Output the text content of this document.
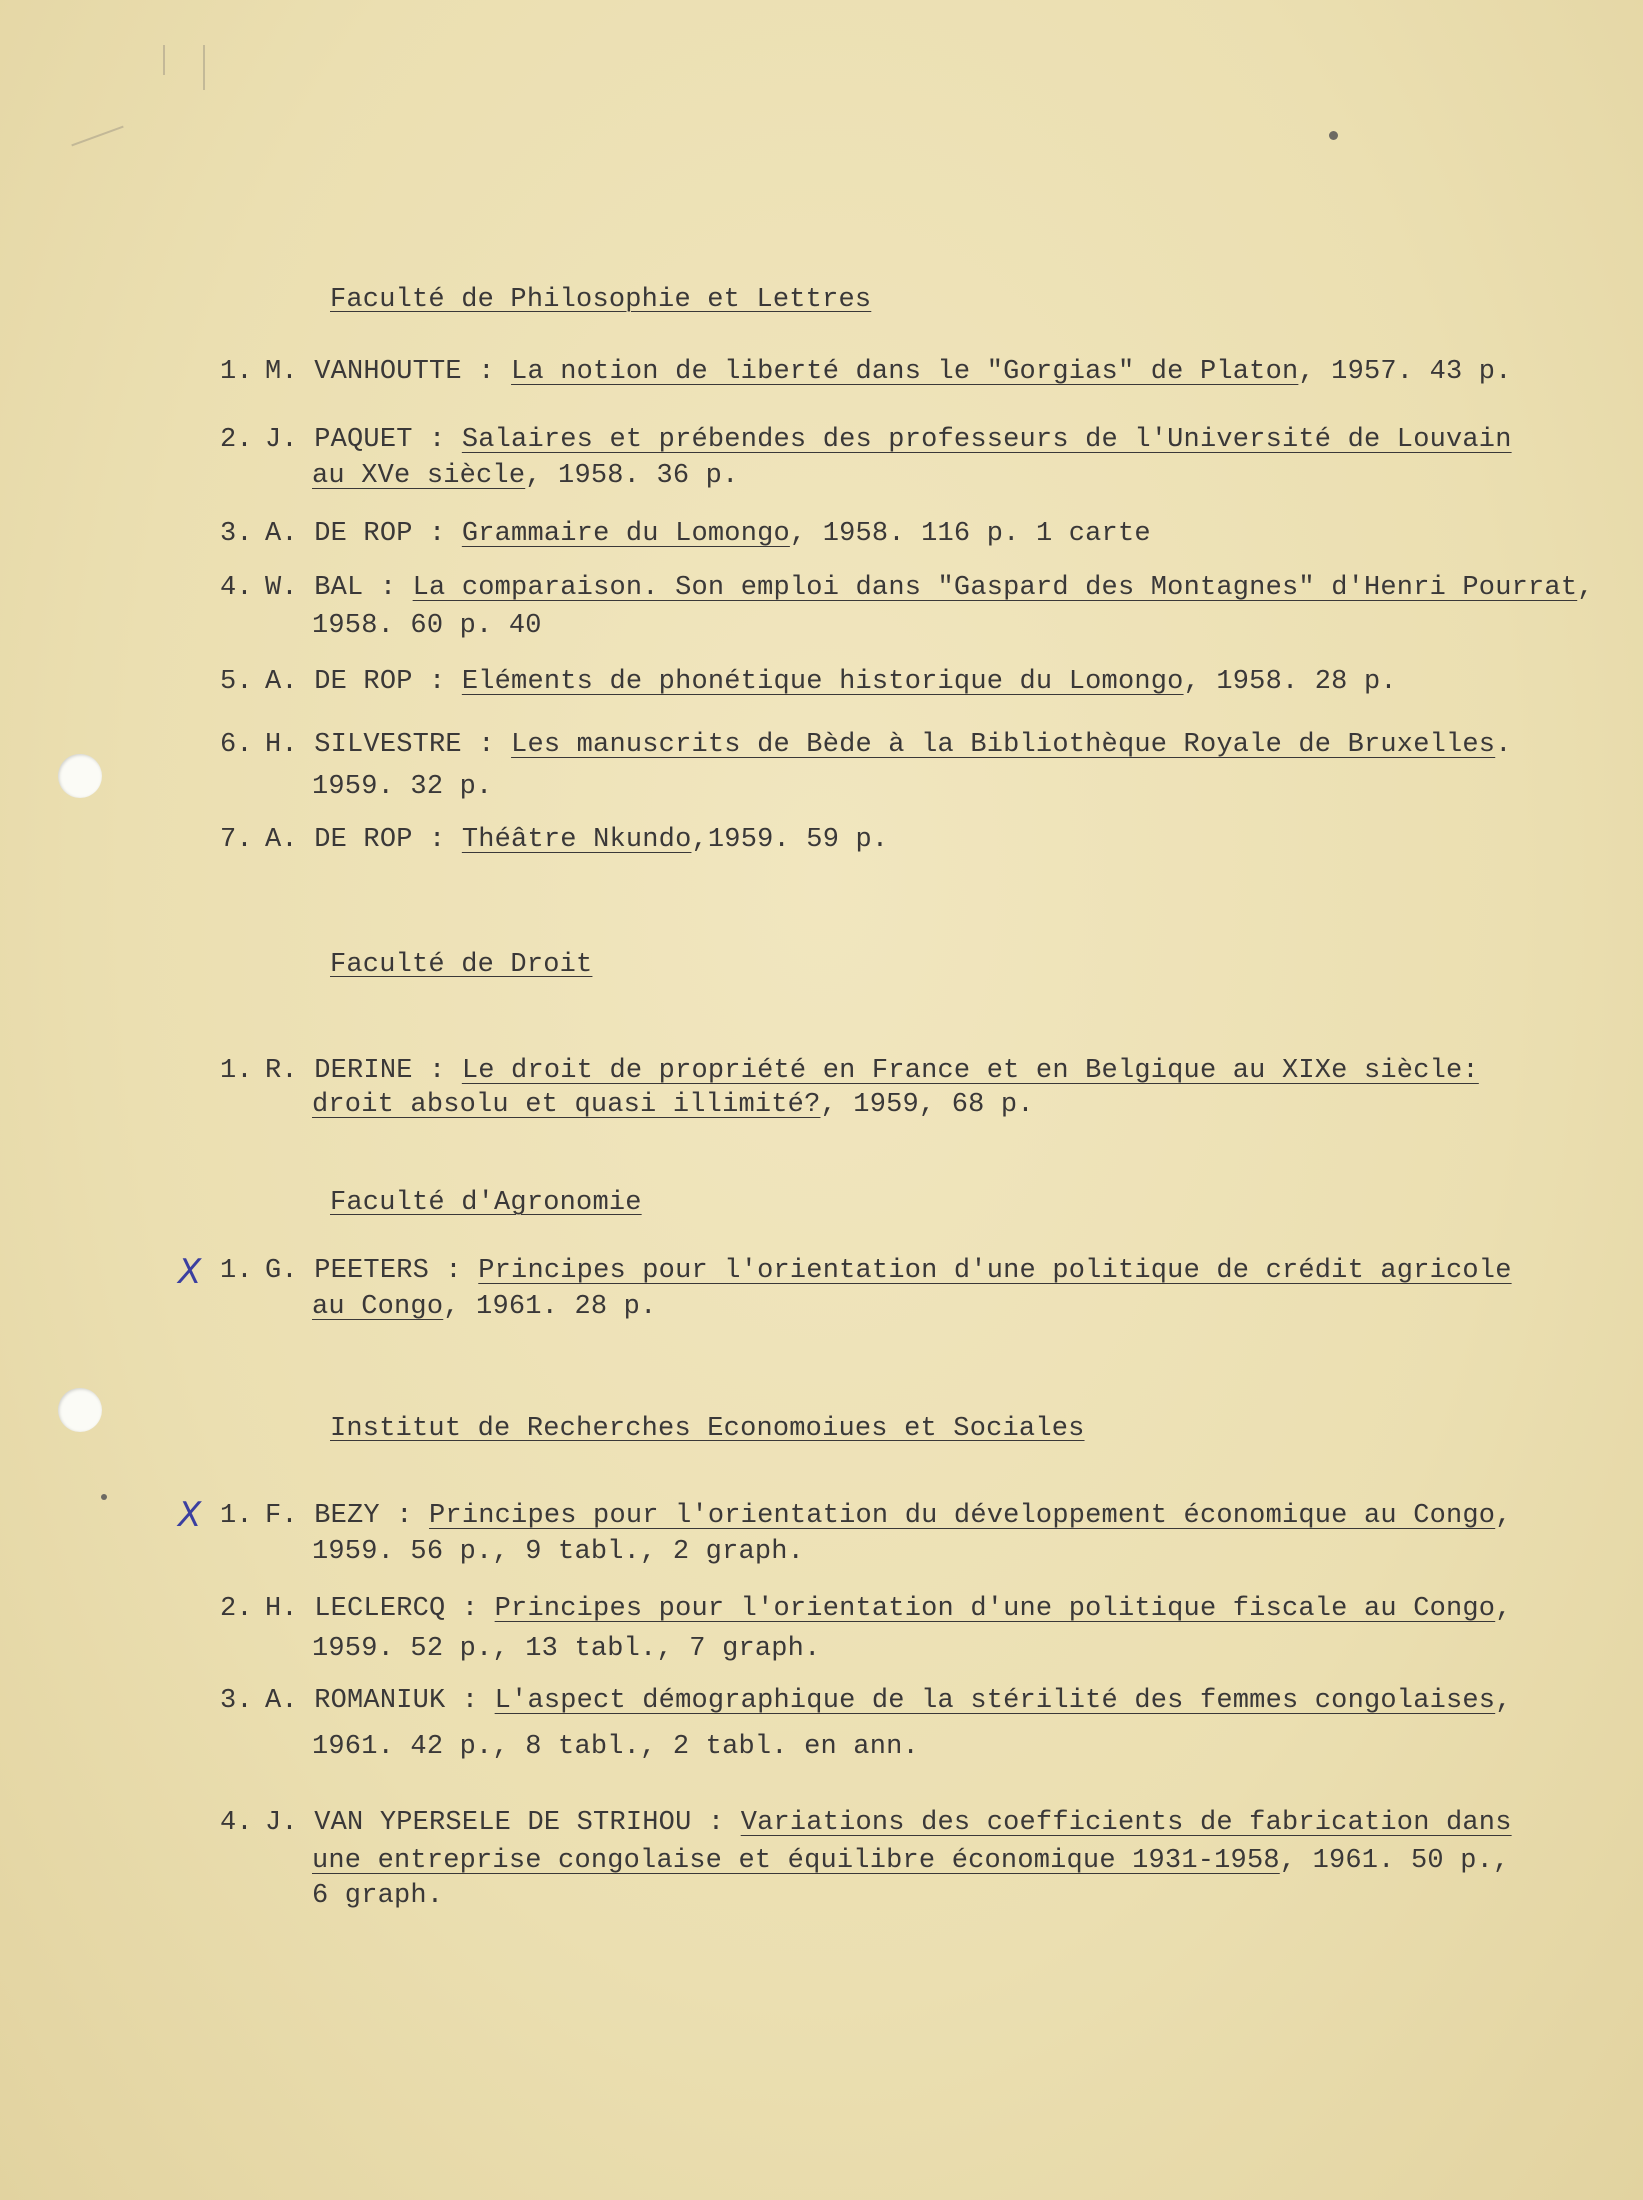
Faculté de Philosophie et Lettres
1. M. VANHOUTTE : La notion de liberté dans le "Gorgias" de Platon, 1957. 43 p.
2. J. PAQUET : Salaires et prébendes des professeurs de l'Université de Louvain
au XVe siècle, 1958. 36 p.
3. A. DE ROP : Grammaire du Lomongo, 1958. 116 p. 1 carte
4. W. BAL : La comparaison. Son emploi dans "Gaspard des Montagnes" d'Henri Pourrat,
1958. 60 p. 40
5. A. DE ROP : Eléments de phonétique historique du Lomongo, 1958. 28 p.
6. H. SILVESTRE : Les manuscrits de Bède à la Bibliothèque Royale de Bruxelles.
1959. 32 p.
7. A. DE ROP : Théâtre Nkundo,1959. 59 p.
Faculté de Droit
1. R. DERINE : Le droit de propriété en France et en Belgique au XIXe siècle:
droit absolu et quasi illimité?, 1959, 68 p.
Faculté d'Agronomie
X 1. G. PEETERS : Principes pour l'orientation d'une politique de crédit agricole
au Congo, 1961. 28 p.
Institut de Recherches Economoiues et Sociales
X 1. F. BEZY : Principes pour l'orientation du développement économique au Congo,
1959. 56 p., 9 tabl., 2 graph.
2. H. LECLERCQ : Principes pour l'orientation d'une politique fiscale au Congo,
1959. 52 p., 13 tabl., 7 graph.
3. A. ROMANIUK : L'aspect démographique de la stérilité des femmes congolaises,
1961. 42 p., 8 tabl., 2 tabl. en ann.
4. J. VAN YPERSELE DE STRIHOU : Variations des coefficients de fabrication dans
une entreprise congolaise et équilibre économique 1931-1958, 1961. 50 p.,
6 graph.
